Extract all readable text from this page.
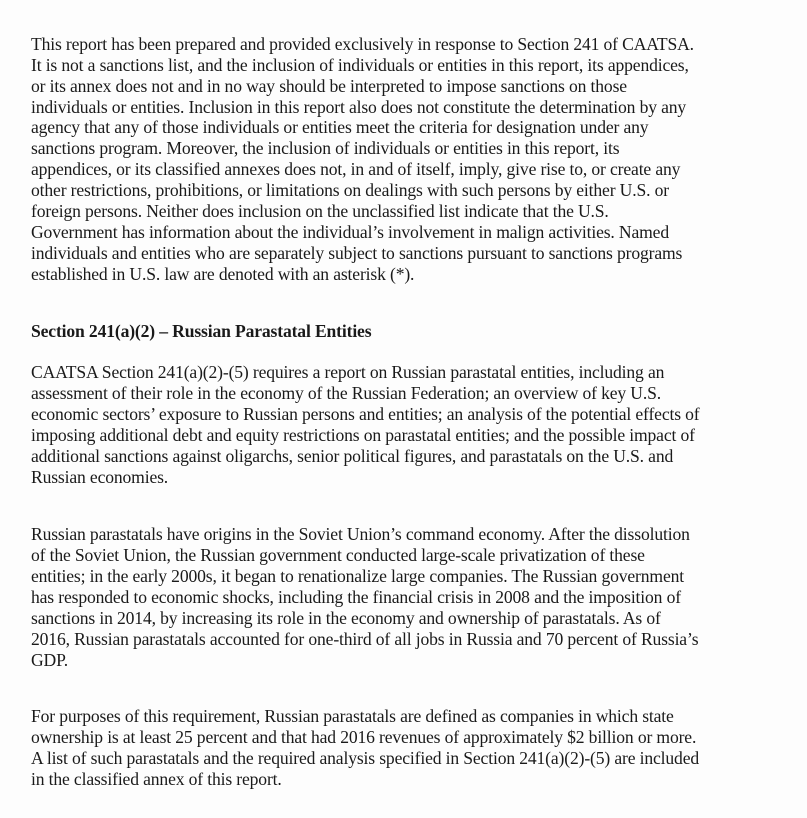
This report has been prepared and provided exclusively in response to Section 241 of CAATSA.
It is not a sanctions list, and the inclusion of individuals or entities in this report, its appendices,
or its annex does not and in no way should be interpreted to impose sanctions on those
individuals or entities. Inclusion in this report also does not constitute the determination by any
agency that any of those individuals or entities meet the criteria for designation under any
sanctions program. Moreover, the inclusion of individuals or entities in this report, its
appendices, or its classified annexes does not, in and of itself, imply, give rise to, or create any
other restrictions, prohibitions, or limitations on dealings with such persons by either U.S. or
foreign persons. Neither does inclusion on the unclassified list indicate that the U.S.
Government has information about the individual’s involvement in malign activities. Named
individuals and entities who are separately subject to sanctions pursuant to sanctions programs
established in U.S. law are denoted with an asterisk (*).
Section 241(a)(2) – Russian Parastatal Entities
CAATSA Section 241(a)(2)-(5) requires a report on Russian parastatal entities, including an
assessment of their role in the economy of the Russian Federation; an overview of key U.S.
economic sectors’ exposure to Russian persons and entities; an analysis of the potential effects of
imposing additional debt and equity restrictions on parastatal entities; and the possible impact of
additional sanctions against oligarchs, senior political figures, and parastatals on the U.S. and
Russian economies.
Russian parastatals have origins in the Soviet Union’s command economy. After the dissolution
of the Soviet Union, the Russian government conducted large-scale privatization of these
entities; in the early 2000s, it began to renationalize large companies. The Russian government
has responded to economic shocks, including the financial crisis in 2008 and the imposition of
sanctions in 2014, by increasing its role in the economy and ownership of parastatals. As of
2016, Russian parastatals accounted for one-third of all jobs in Russia and 70 percent of Russia’s
GDP.
For purposes of this requirement, Russian parastatals are defined as companies in which state
ownership is at least 25 percent and that had 2016 revenues of approximately $2 billion or more.
A list of such parastatals and the required analysis specified in Section 241(a)(2)-(5) are included
in the classified annex of this report.
